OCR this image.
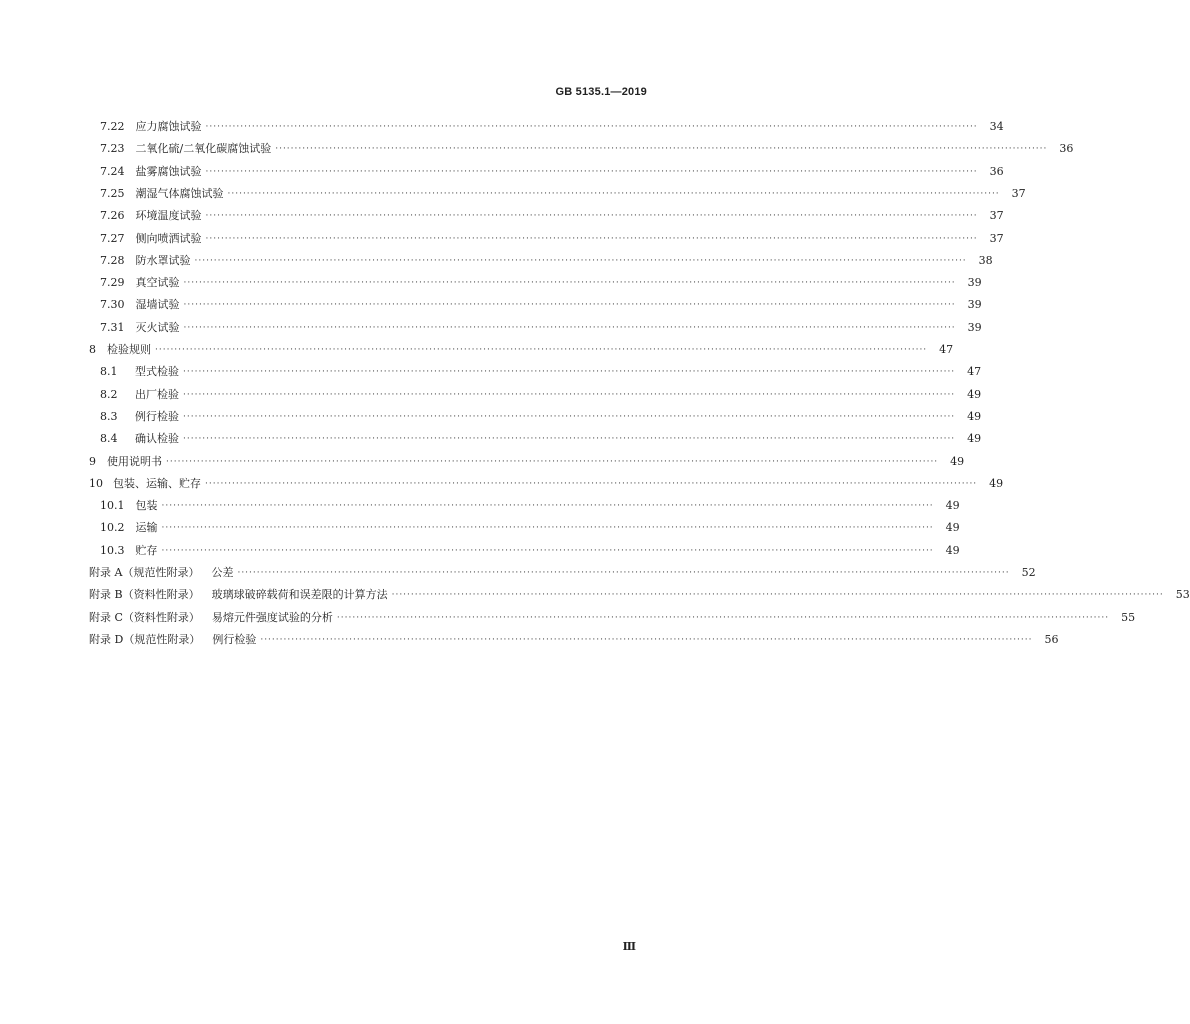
GB 5135.1—2019
7.22 应力腐蚀试验 ········································································································································································································	34
7.23 二氧化硫/二氧化碳腐蚀试验 ········································································································································································································	36
7.24 盐雾腐蚀试验 ········································································································································································································	36
7.25 潮湿气体腐蚀试验 ········································································································································································································	37
7.26 环境温度试验 ········································································································································································································	37
7.27 侧向喷洒试验 ········································································································································································································	37
7.28 防水罩试验 ········································································································································································································	38
7.29 真空试验 ········································································································································································································	39
7.30 湿墙试验 ········································································································································································································	39
7.31 灭火试验 ········································································································································································································	39
8 检验规则 ········································································································································································································	47
8.1	型式检验 ········································································································································································································	47
8.2	出厂检验 ········································································································································································································	49
8.3	例行检验 ········································································································································································································	49
8.4	确认检验 ········································································································································································································	49
9 使用说明书 ········································································································································································································	49
10 包装、运输、贮存 ········································································································································································································	49
10.1 包装 ········································································································································································································	49
10.2 运输 ········································································································································································································	49
10.3 贮存 ········································································································································································································	49
附录 A（规范性附录） 公差 ········································································································································································································	52
附录 B（资料性附录） 玻璃球破碎载荷和误差限的计算方法 ········································································································································································································	53
附录 C（资料性附录） 易熔元件强度试验的分析 ········································································································································································································	55
附录 D（规范性附录） 例行检验 ········································································································································································································	56
Ⅲ
